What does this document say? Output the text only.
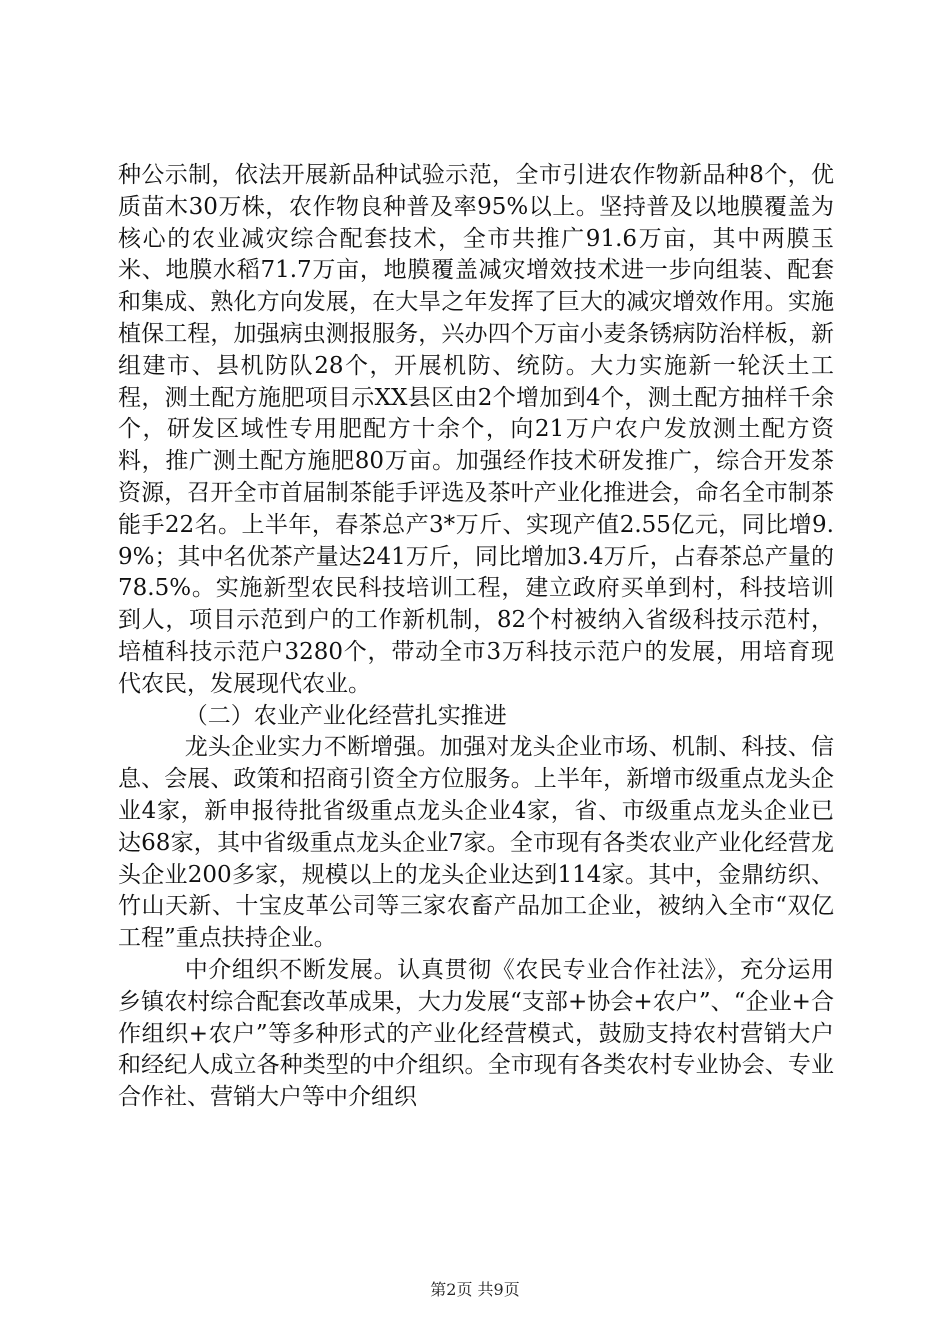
种公示制，依法开展新品种试验示范，全市引进农作物新品种8个，优质苗木30万株，农作物良种普及率95%以上。坚持普及以地膜覆盖为核心的农业减灾综合配套技术，全市共推广91.6万亩，其中两膜玉米、地膜水稻71.7万亩，地膜覆盖减灾增效技术进一步向组装、配套和集成、熟化方向发展，在大旱之年发挥了巨大的减灾增效作用。实施植保工程，加强病虫测报服务，兴办四个万亩小麦条锈病防治样板，新组建市、县机防队28个，开展机防、统防。大力实施新一轮沃土工程，测土配方施肥项目示XX县区由2个增加到4个，测土配方抽样千余个，研发区域性专用肥配方十余个，向21万户农户发放测土配方资料，推广测土配方施肥80万亩。加强经作技术研发推广，综合开发茶资源，召开全市首届制茶能手评选及茶叶产业化推进会，命名全市制茶能手22名。上半年，春茶总产3*万斤、实现产值2.55亿元，同比增9.9%；其中名优茶产量达241万斤，同比增加3.4万斤，占春茶总产量的78.5%。实施新型农民科技培训工程，建立政府买单到村，科技培训到人，项目示范到户的工作新机制，82个村被纳入省级科技示范村，培植科技示范户3280个，带动全市3万科技示范户的发展，用培育现代农民，发展现代农业。

（二）农业产业化经营扎实推进

龙头企业实力不断增强。加强对龙头企业市场、机制、科技、信息、会展、政策和招商引资全方位服务。上半年，新增市级重点龙头企业4家，新申报待批省级重点龙头企业4家，省、市级重点龙头企业已达68家，其中省级重点龙头企业7家。全市现有各类农业产业化经营龙头企业200多家，规模以上的龙头企业达到114家。其中，金鼎纺织、竹山天新、十宝皮革公司等三家农畜产品加工企业，被纳入全市“双亿工程”重点扶持企业。

中介组织不断发展。认真贯彻《农民专业合作社法》，充分运用乡镇农村综合配套改革成果，大力发展“支部+协会+农户”、“企业+合作组织+农户”等多种形式的产业化经营模式，鼓励支持农村营销大户和经纪人成立各种类型的中介组织。全市现有各类农村专业协会、专业合作社、营销大户等中介组织

第2页 共9页
